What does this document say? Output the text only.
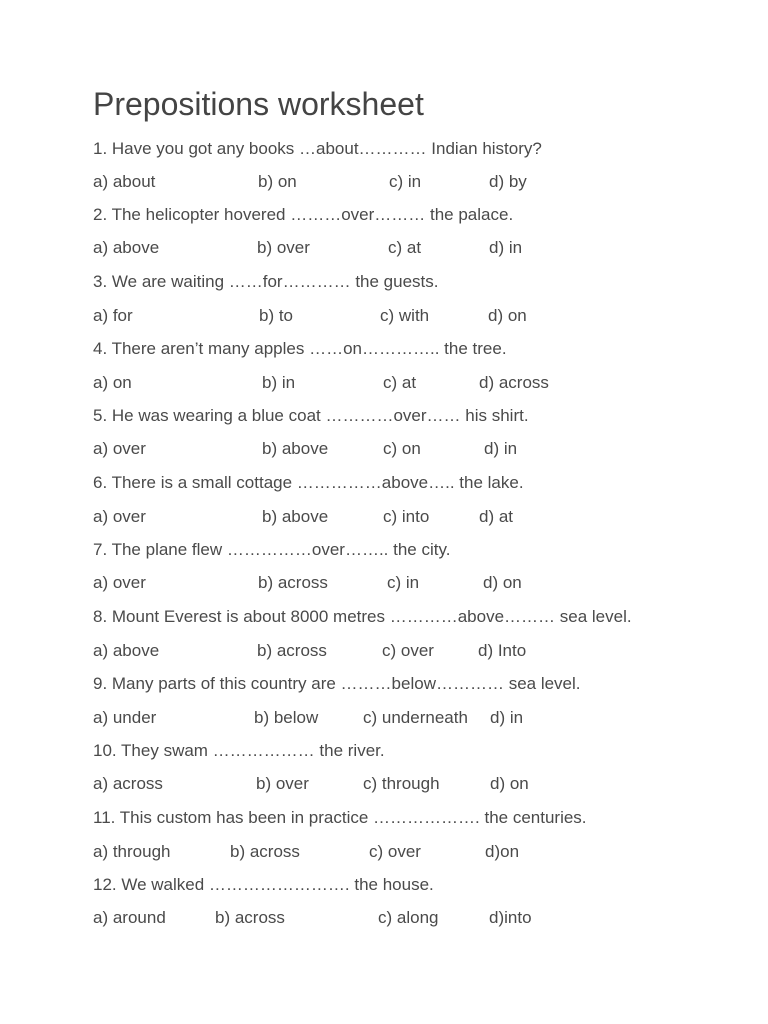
Prepositions worksheet
1. Have you got any books …about………… Indian history?
a) about	b) on	c) in	d) by
2. The helicopter hovered ………over……… the palace.
a) above	b) over	c) at	d) in
3. We are waiting ……for………… the guests.
a) for	b) to	c) with	d) on
4. There aren’t many apples ……on………….. the tree.
a) on	b) in	c) at	d) across
5. He was wearing a blue coat …………over…… his shirt.
a) over	b) above	c) on	d) in
6. There is a small cottage ……………above….. the lake.
a) over	b) above	c) into	d) at
7. The plane flew ……………over…….. the city.
a) over	b) across	c) in	d) on
8. Mount Everest is about 8000 metres …………above……… sea level.
a) above	b) across	c) over	d) Into
9. Many parts of this country are ………below………… sea level.
a) under	b) below	c) underneath d) in
10. They swam ……………… the river.
a) across	b) over	c) through	d) on
11. This custom has been in practice ………………. the centuries.
a) through	b) across	c) over	d)on
12. We walked ……………………. the house.
a) around	b) across	c) along	d)into
